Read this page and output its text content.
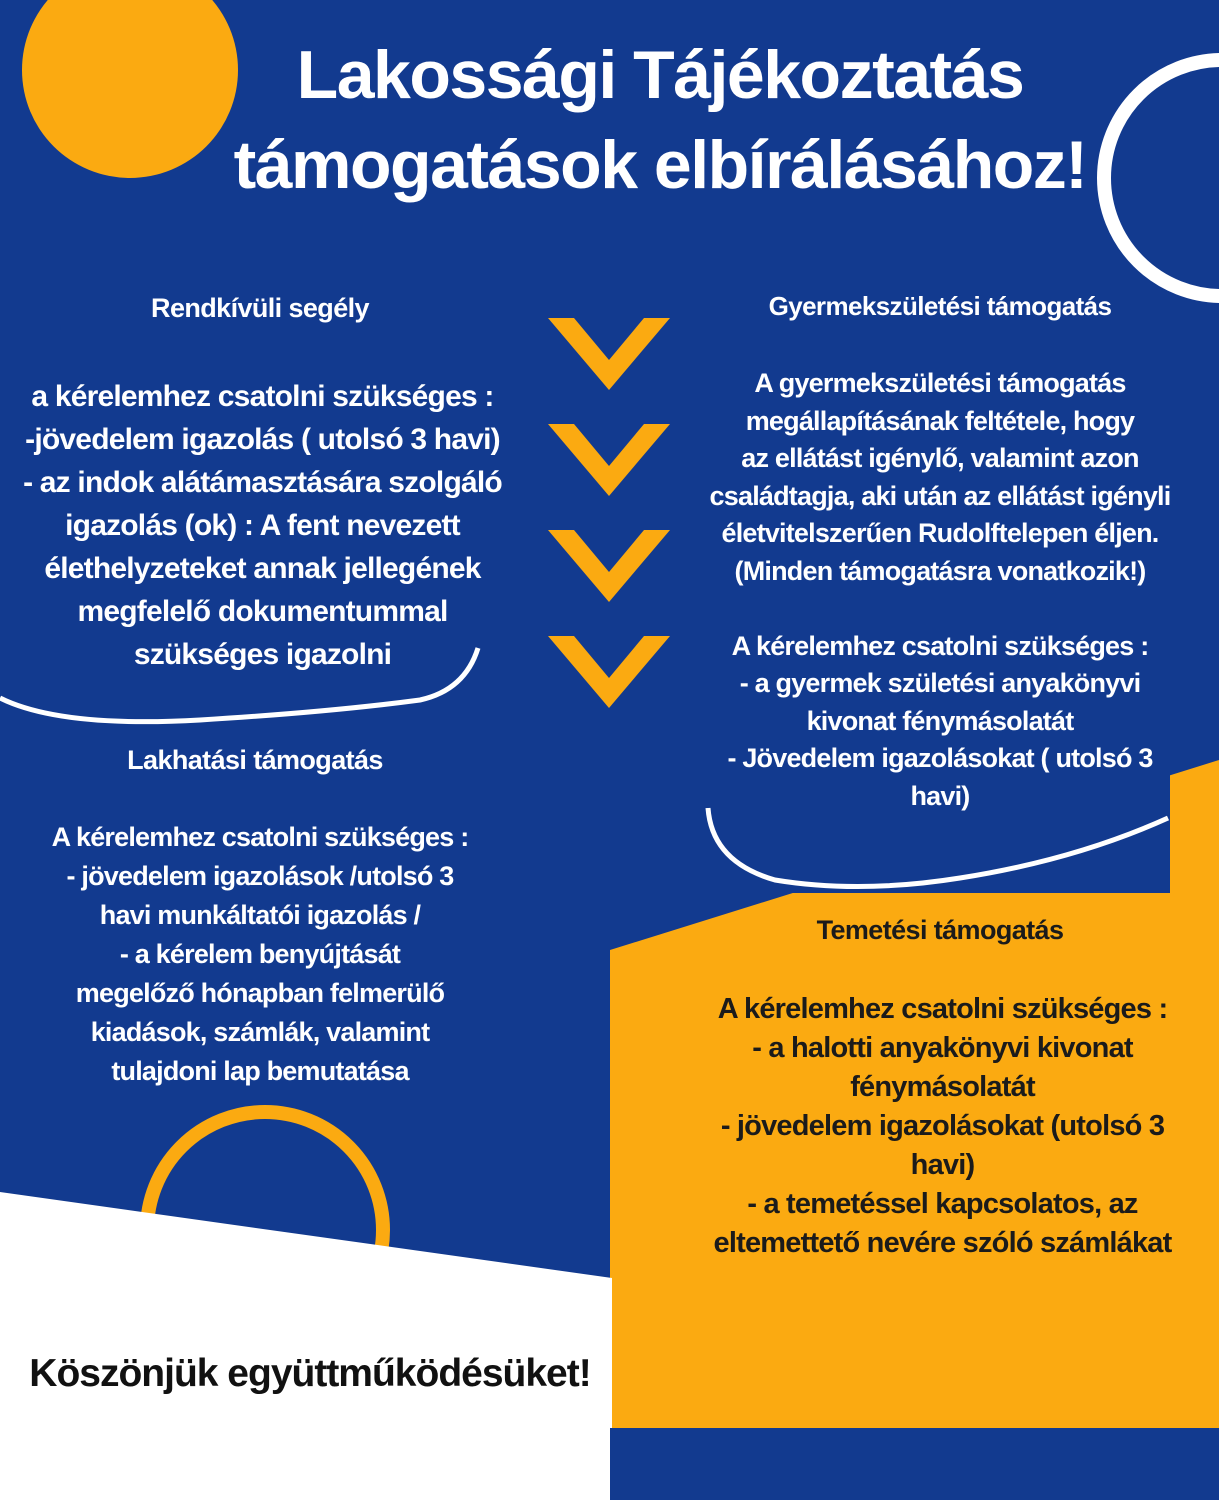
Lakossági Tájékoztatás
támogatások elbírálásához!
Rendkívüli segély

a kérelemhez csatolni szükséges :

-jövedelem igazolás ( utolsó 3 havi)

- az indok alátámasztására szolgáló

igazolás (ok) : A fent nevezett

élethelyzeteket annak jellegének

megfelelő dokumentummal

szükséges igazolni

Gyermekszületési támogatás

A gyermekszületési támogatás

megállapításának feltétele, hogy

az ellátást igénylő, valamint azon

családtagja, aki után az ellátást igényli

életvitelszerűen Rudolftelepen éljen.

(Minden támogatásra vonatkozik!)

A kérelemhez csatolni szükséges :

- a gyermek születési anyakönyvi

kivonat fénymásolatát

- Jövedelem igazolásokat ( utolsó 3

havi)

Lakhatási támogatás

A kérelemhez csatolni szükséges :

- jövedelem igazolások /utolsó 3

havi munkáltatói igazolás /

- a kérelem benyújtását

megelőző hónapban felmerülő

kiadások, számlák, valamint

tulajdoni lap bemutatása

Temetési támogatás

A kérelemhez csatolni szükséges :

- a halotti anyakönyvi kivonat

fénymásolatát

- jövedelem igazolásokat (utolsó 3

havi)

- a temetéssel kapcsolatos, az

eltemettető nevére szóló számlákat

Köszönjük együttműködésüket!
